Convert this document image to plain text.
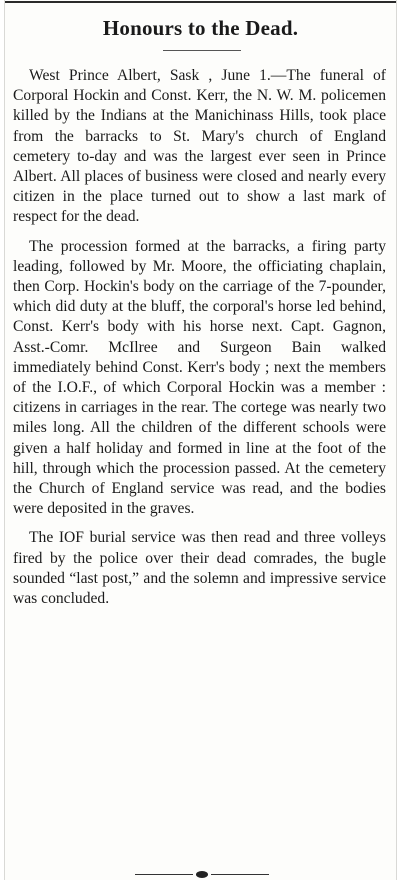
Honours to the Dead.

West Prince Albert, Sask , June 1.—The funeral of Corporal Hockin and Const. Kerr, the N. W. M. policemen killed by the Indians at the Manichinass Hills, took place from the barracks to St. Mary's church of England cemetery to-day and was the largest ever seen in Prince Albert. All places of business were closed and nearly every citizen in the place turned out to show a last mark of respect for the dead.

The procession formed at the barracks, a firing party leading, followed by Mr. Moore, the officiating chaplain, then Corp. Hockin's body on the carriage of the 7-pounder, which did duty at the bluff, the corporal's horse led behind, Const. Kerr's body with his horse next. Capt. Gagnon, Asst.-Comr. McIlree and Surgeon Bain walked immediately behind Const. Kerr's body ; next the members of the I.O.F., of which Corporal Hockin was a member : citizens in carriages in the rear. The cortege was nearly two miles long. All the children of the different schools were given a half holiday and formed in line at the foot of the hill, through which the procession passed. At the cemetery the Church of England service was read, and the bodies were deposited in the graves.

The IOF burial service was then read and three volleys fired by the police over their dead comrades, the bugle sounded “last post,” and the solemn and impressive service was concluded.
